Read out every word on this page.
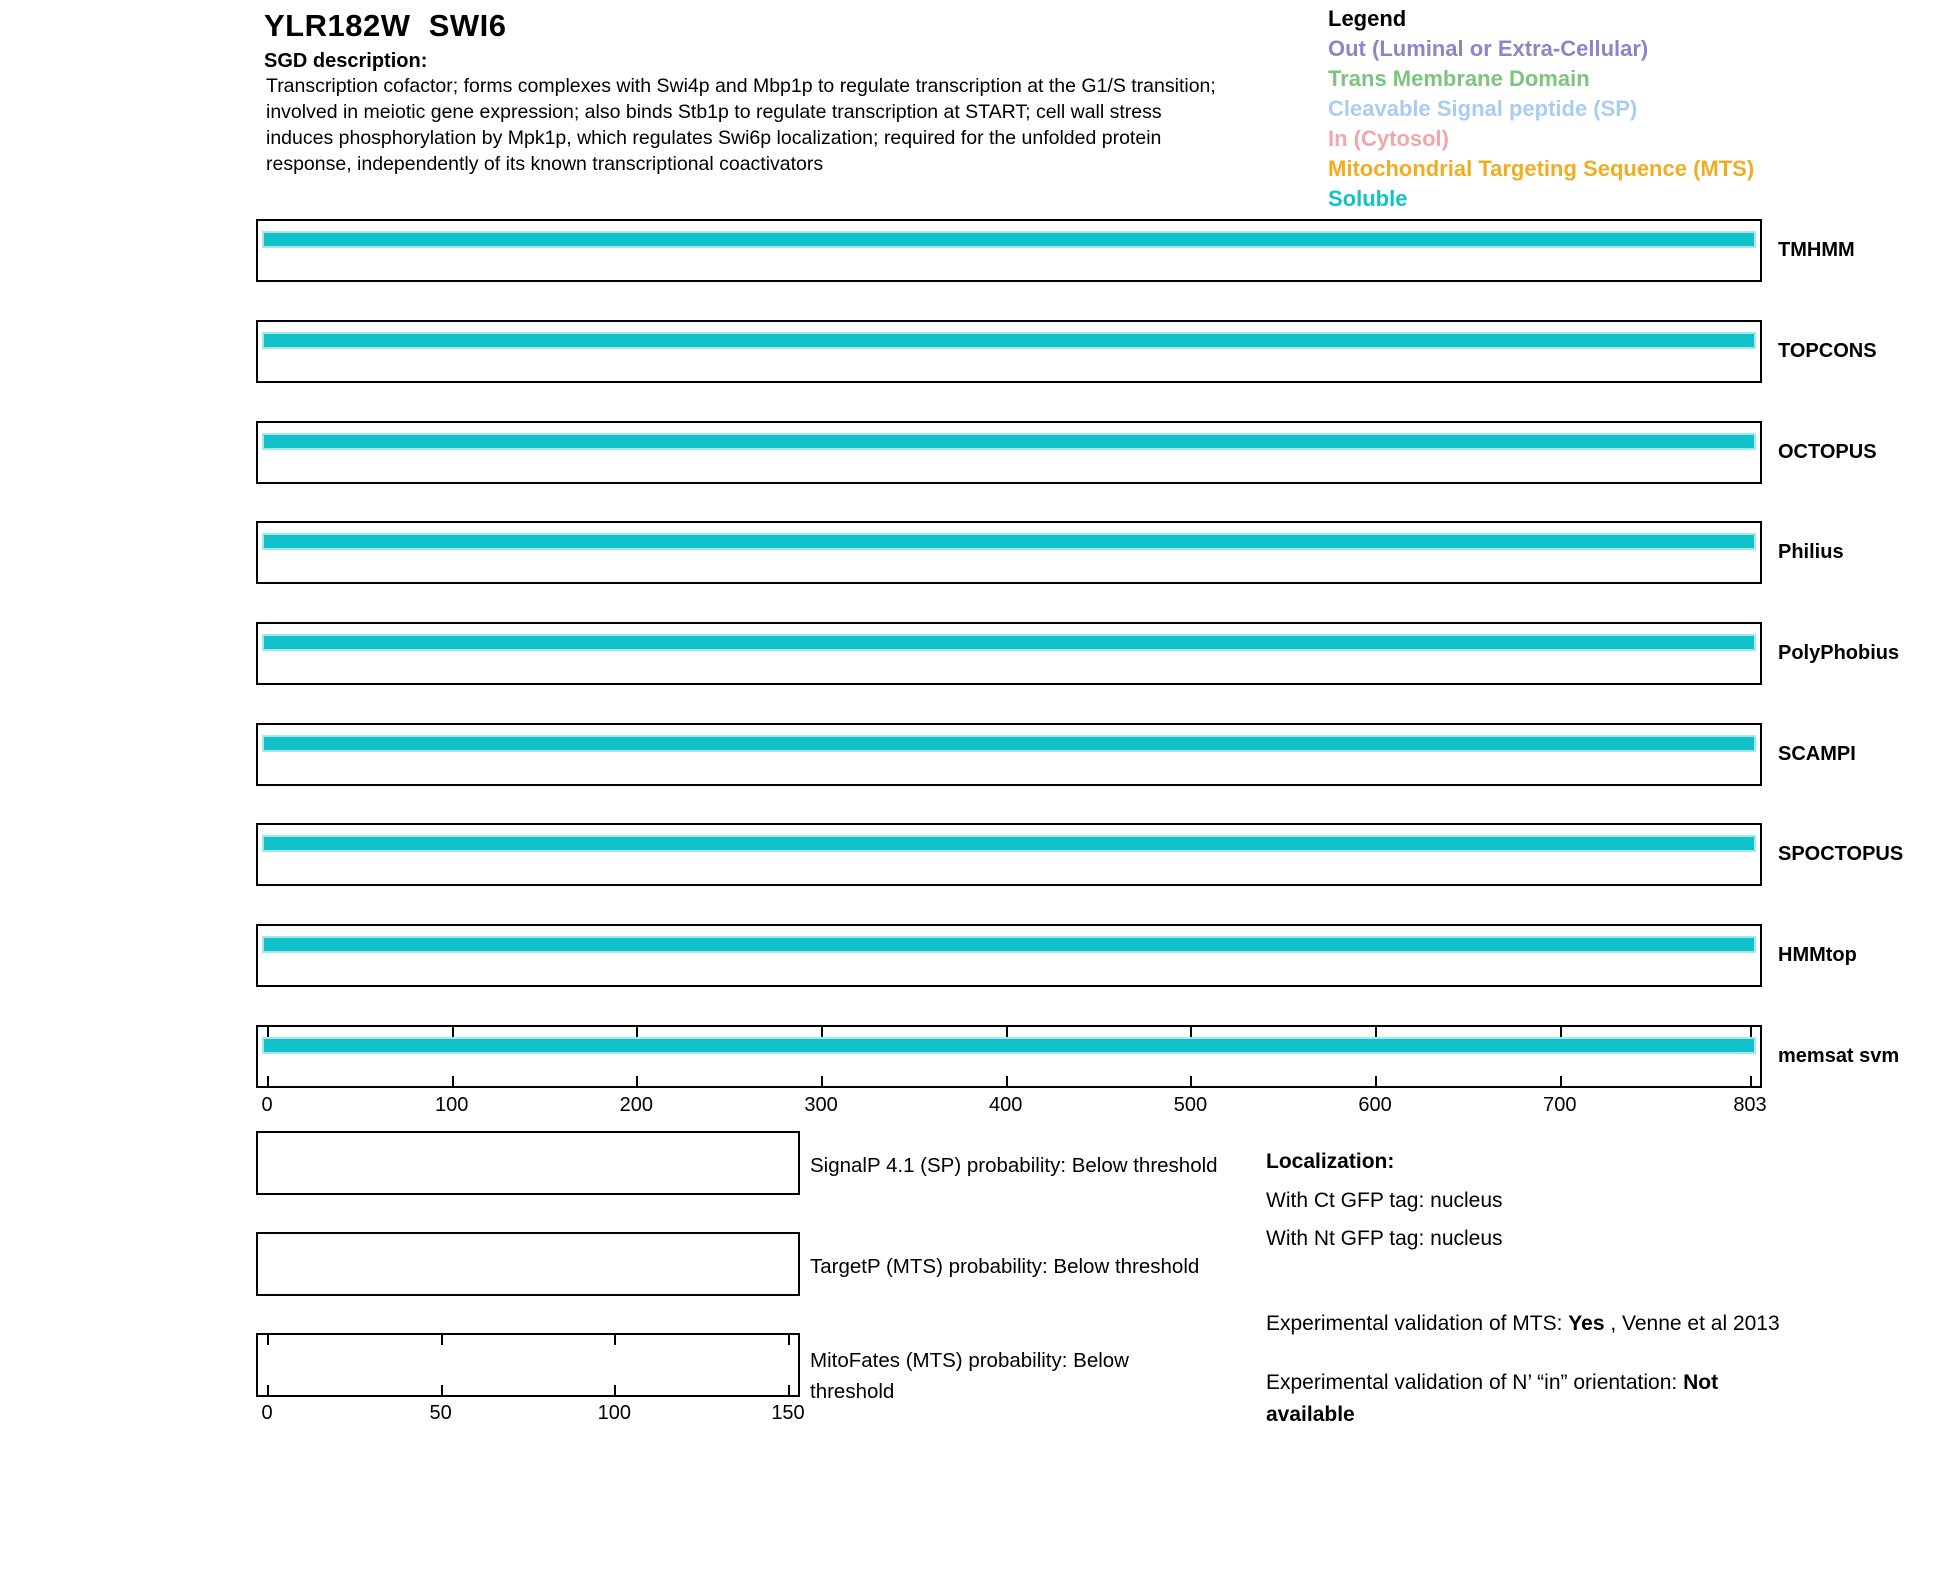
YLR182W  SWI6
SGD description:
Transcription cofactor; forms complexes with Swi4p and Mbp1p to regulate transcription at the G1/S transition;
involved in meiotic gene expression; also binds Stb1p to regulate transcription at START; cell wall stress
induces phosphorylation by Mpk1p, which regulates Swi6p localization; required for the unfolded protein
response, independently of its known transcriptional coactivators
Legend
Out (Luminal or Extra-Cellular)
Trans Membrane Domain
Cleavable Signal peptide (SP)
In (Cytosol)
Mitochondrial Targeting Sequence (MTS)
Soluble
TMHMM
TOPCONS
OCTOPUS
Philius
PolyPhobius
SCAMPI
SPOCTOPUS
HMMtop
memsat svm
0	100	200	300	400	500	600	700	803
SignalP 4.1 (SP) probability: Below threshold
TargetP (MTS) probability: Below threshold
MitoFates (MTS) probability: Below
threshold
0	50	100	150
Localization:
With Ct GFP tag: nucleus
With Nt GFP tag: nucleus
Experimental validation of MTS: Yes , Venne et al 2013
Experimental validation of N’ “in” orientation: Not
available
